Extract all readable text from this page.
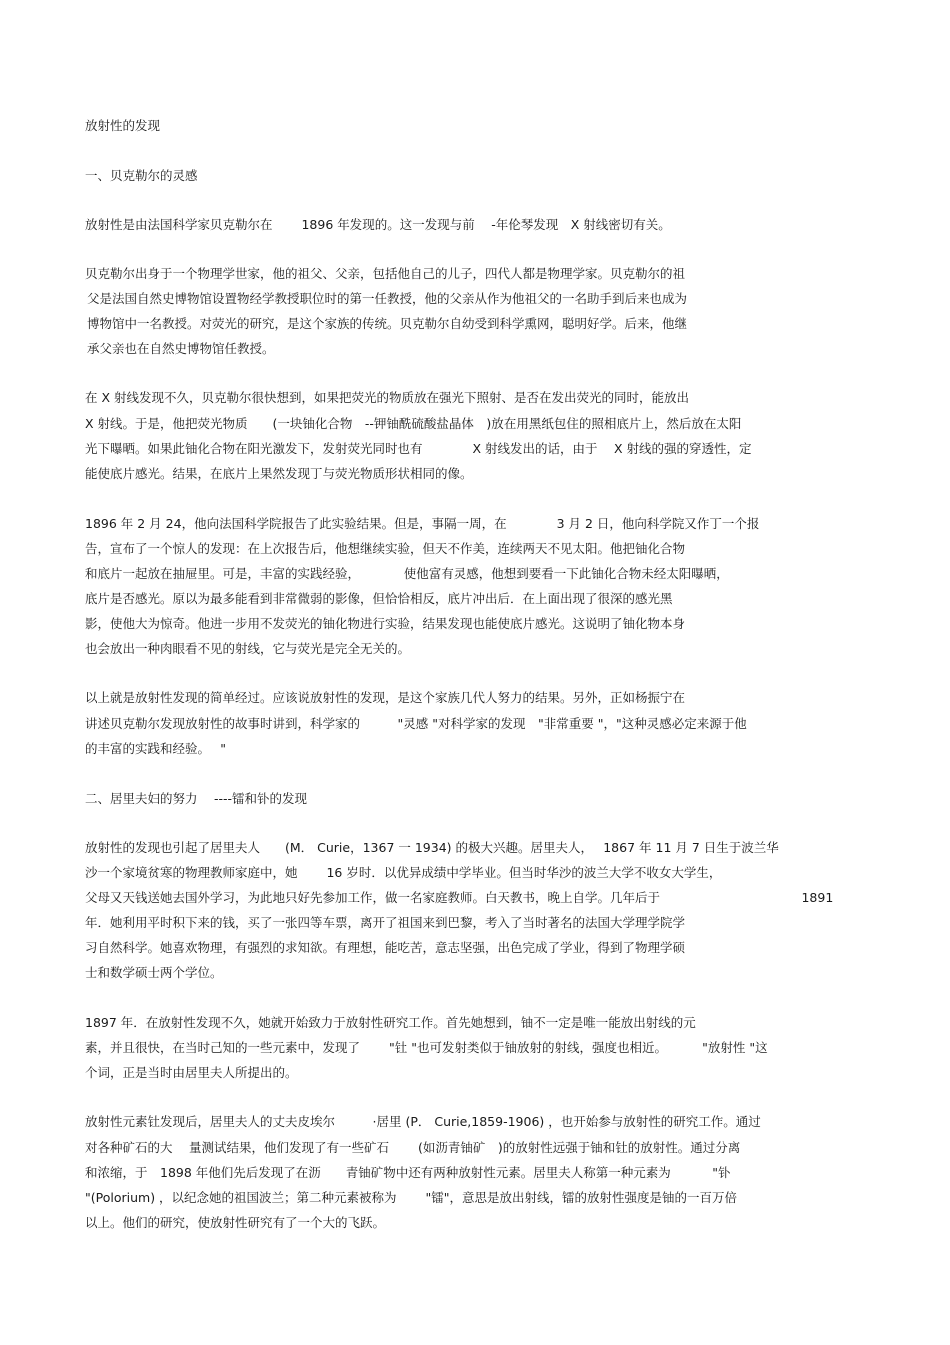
放射性的发现
一、贝克勒尔的灵感
放射性是由法国科学家贝克勒尔在　　 1896 年发现的。这一发现与前　 -年伦琴发现　X 射线密切有关。
贝克勒尔出身于一个物理学世家，他的祖父、父亲，包括他自己的儿子，四代人都是物理学家。贝克勒尔的祖
父是法国自然史博物馆设置物经学教授职位时的第一任教授，他的父亲从作为他祖父的一名助手到后来也成为
博物馆中一名教授。对荧光的研究，是这个家族的传统。贝克勒尔自幼受到科学熏网，聪明好学。后来，他继
承父亲也在自然史博物馆任教授。
在 X 射线发现不久，贝克勒尔很快想到，如果把荧光的物质放在强光下照射、是否在发出荧光的同时，能放出
X 射线。于是，他把荧光物质　　(一块铀化合物　--钾铀酰硫酸盐晶体　)放在用黑纸包住的照相底片上，然后放在太阳
光下曝晒。如果此铀化合物在阳光激发下，发射荧光同时也有　　　　X 射线发出的话，由于　 X 射线的强的穿透性，定
能使底片感光。结果，在底片上果然发现丁与荧光物质形状相同的像。
1896 年 2 月 24，他向法国科学院报告了此实验结果。但是，事隔一周，在　　　　3 月 2 日，他向科学院又作丁一个报
告，宣布了一个惊人的发现：在上次报告后，他想继续实验，但天不作美，连续两天不见太阳。他把铀化合物
和底片一起放在抽屉里。可是，丰富的实践经验，　　　　使他富有灵感，他想到要看一下此铀化合物未经太阳曝晒，
底片是否感光。原以为最多能看到非常微弱的影像，但恰恰相反，底片冲出后．在上面出现了很深的感光黑
影，使他大为惊奇。他进一步用不发荧光的铀化物进行实验，结果发现也能使底片感光。这说明了铀化物本身
也会放出一种肉眼看不见的射线，它与荧光是完全无关的。
以上就是放射性发现的简单经过。应该说放射性的发现，是这个家族几代人努力的结果。另外，正如杨振宁在
讲述贝克勒尔发现放射性的故事时讲到，科学家的　　　"灵感 "对科学家的发现　"非常重要 "，"这种灵感必定来源于他
的丰富的实践和经验。　 "
二、居里夫妇的努力　 ----镭和钋的发现
放射性的发现也引起了居里夫人　　(M． Curie，1367 一 1934) 的极大兴趣。居里夫人，　 1867 年 11 月 7 日生于波兰华
沙一个家境贫寒的物理教师家庭中，她　　 16 岁时．以优异成绩中学毕业。但当时华沙的波兰大学不收女大学生，
父母又天钱送她去国外学习，为此地只好先参加工作，做一名家庭教师。白天教书，晚上自学。几年后于　　　　　　　　　　　 1891
年．她利用平时积下来的钱，买了一张四等车票，离开了祖国来到巴黎，考入了当时著名的法国大学理学院学
习自然科学。她喜欢物理，有强烈的求知欲。有理想，能吃苦，意志坚强，出色完成了学业，得到了物理学硕
士和数学硕士两个学位。
1897 年．在放射性发现不久，她就开始致力于放射性研究工作。首先她想到，铀不一定是唯一能放出射线的元
素，并且很快，在当时己知的一些元素中，发现了　　 "钍 "也可发射类似于铀放射的射线，强度也相近。　　　 "放射性 "这
个词，正是当时由居里夫人所提出的。
放射性元素钍发现后，居里夫人的丈夫皮埃尔　　　·居里 (P． Curie,1859-1906) ，也开始参与放射性的研究工作。通过
对各种矿石的大　 量测试结果，他们发现了有一些矿石　　 (如沥青铀矿　)的放射性远强于铀和钍的放射性。通过分离
和浓缩，于　1898 年他们先后发现了在沥　　青铀矿物中还有两种放射性元素。居里夫人称第一种元素为　　　 "钋
"(Polorium) ，以纪念她的祖国波兰；第二种元素被称为　　 "镭"，意思是放出射线，镭的放射性强度是铀的一百万倍
以上。他们的研究，使放射性研究有了一个大的飞跃。
